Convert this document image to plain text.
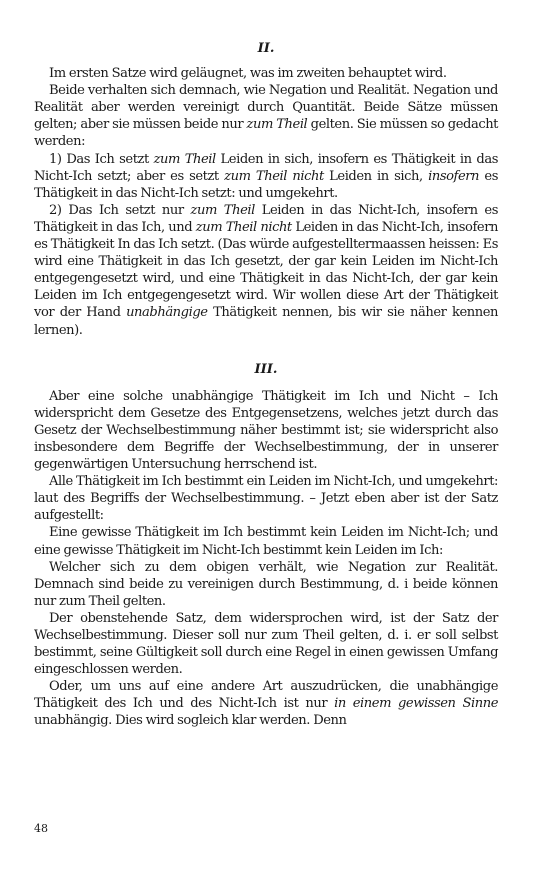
II.

Im ersten Satze wird geläugnet, was im zweiten behauptet wird.

Beide verhalten sich demnach, wie Negation und Realität. Negation und Realität aber werden vereinigt durch Quantität. Beide Sätze müssen gelten; aber sie müssen beide nur zum Theil gelten. Sie müssen so gedacht werden:

1) Das Ich setzt zum Theil Leiden in sich, insofern es Thätigkeit in das Nicht-Ich setzt; aber es setzt zum Theil nicht Leiden in sich, insofern es Thätigkeit in das Nicht-Ich setzt: und umgekehrt.

2) Das Ich setzt nur zum Theil Leiden in das Nicht-Ich, insofern es Thätigkeit in das Ich, und zum Theil nicht Leiden in das Nicht-Ich, insofern es Thätigkeit In das Ich setzt. (Das würde aufgestelltermaassen heissen: Es wird eine Thätigkeit in das Ich gesetzt, der gar kein Leiden im Nicht-Ich entgegengesetzt wird, und eine Thätigkeit in das Nicht-Ich, der gar kein Leiden im Ich entgegengesetzt wird. Wir wollen diese Art der Thätigkeit vor der Hand unabhängige Thätigkeit nennen, bis wir sie näher kennen lernen).

III.

Aber eine solche unabhängige Thätigkeit im Ich und Nicht – Ich widerspricht dem Gesetze des Entgegensetzens, welches jetzt durch das Gesetz der Wechselbestimmung näher bestimmt ist; sie widerspricht also insbesondere dem Begriffe der Wechselbestimmung, der in unserer gegenwärtigen Untersuchung herrschend ist.

Alle Thätigkeit im Ich bestimmt ein Leiden im Nicht-Ich, und umgekehrt: laut des Begriffs der Wechselbestimmung. – Jetzt eben aber ist der Satz aufgestellt:

Eine gewisse Thätigkeit im Ich bestimmt kein Leiden im Nicht-Ich; und eine gewisse Thätigkeit im Nicht-Ich bestimmt kein Leiden im Ich:

Welcher sich zu dem obigen verhält, wie Negation zur Realität. Demnach sind beide zu vereinigen durch Bestimmung, d. i beide können nur zum Theil gelten.

Der obenstehende Satz, dem widersprochen wird, ist der Satz der Wechselbestimmung. Dieser soll nur zum Theil gelten, d. i. er soll selbst bestimmt, seine Gültigkeit soll durch eine Regel in einen gewissen Umfang eingeschlossen werden.

Oder, um uns auf eine andere Art auszudrücken, die unabhängige Thätigkeit des Ich und des Nicht-Ich ist nur in einem gewissen Sinne unabhängig. Dies wird sogleich klar werden. Denn

48
